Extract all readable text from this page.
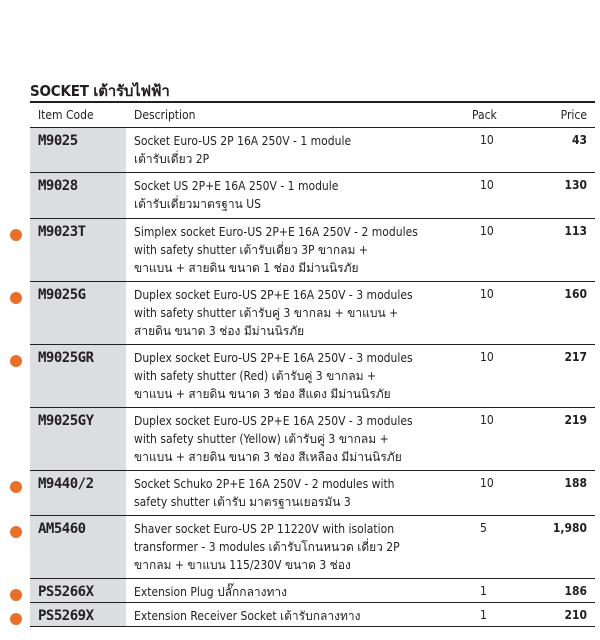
SOCKET เต้ารับไฟฟ้า
Item Code	Description	Pack	Price
M9025	Socket Euro-US 2P 16A 250V - 1 module
เต้ารับเดี่ยว 2P
10	43
M9028	Socket US 2P+E 16A 250V - 1 module
เต้ารับเดี่ยวมาตรฐาน US
10	130
M9023T	Simplex socket Euro-US 2P+E 16A 250V - 2 modules
with safety shutter เต้ารับเดี่ยว 3P ขากลม +
ขาแบน + สายดิน ขนาด 1 ช่อง มีม่านนิรภัย
10	113
M9025G	Duplex socket Euro-US 2P+E 16A 250V - 3 modules
with safety shutter เต้ารับคู่ 3 ขากลม + ขาแบน +
สายดิน ขนาด 3 ช่อง มีม่านนิรภัย
10	160
M9025GR	Duplex socket Euro-US 2P+E 16A 250V - 3 modules
with safety shutter (Red) เต้ารับคู่ 3 ขากลม +
ขาแบน + สายดิน ขนาด 3 ช่อง สีแดง มีม่านนิรภัย
10	217
M9025GY	Duplex socket Euro-US 2P+E 16A 250V - 3 modules
with safety shutter (Yellow) เต้ารับคู่ 3 ขากลม +
ขาแบน + สายดิน ขนาด 3 ช่อง สีเหลือง มีม่านนิรภัย
10	219
M9440/2	Socket Schuko 2P+E 16A 250V - 2 modules with
safety shutter เต้ารับ มาตรฐานเยอรมัน 3
10	188
AM5460	Shaver socket Euro-US 2P 11220V with isolation
transformer - 3 modules เต้ารับโกนหนวด เดี่ยว 2P
ขากลม + ขาแบน 115/230V ขนาด 3 ช่อง
5	1,980
PS5266X	Extension Plug ปลั๊กกลางทาง	1	186
PS5269X	Extension Receiver Socket เต้ารับกลางทาง	1	210
